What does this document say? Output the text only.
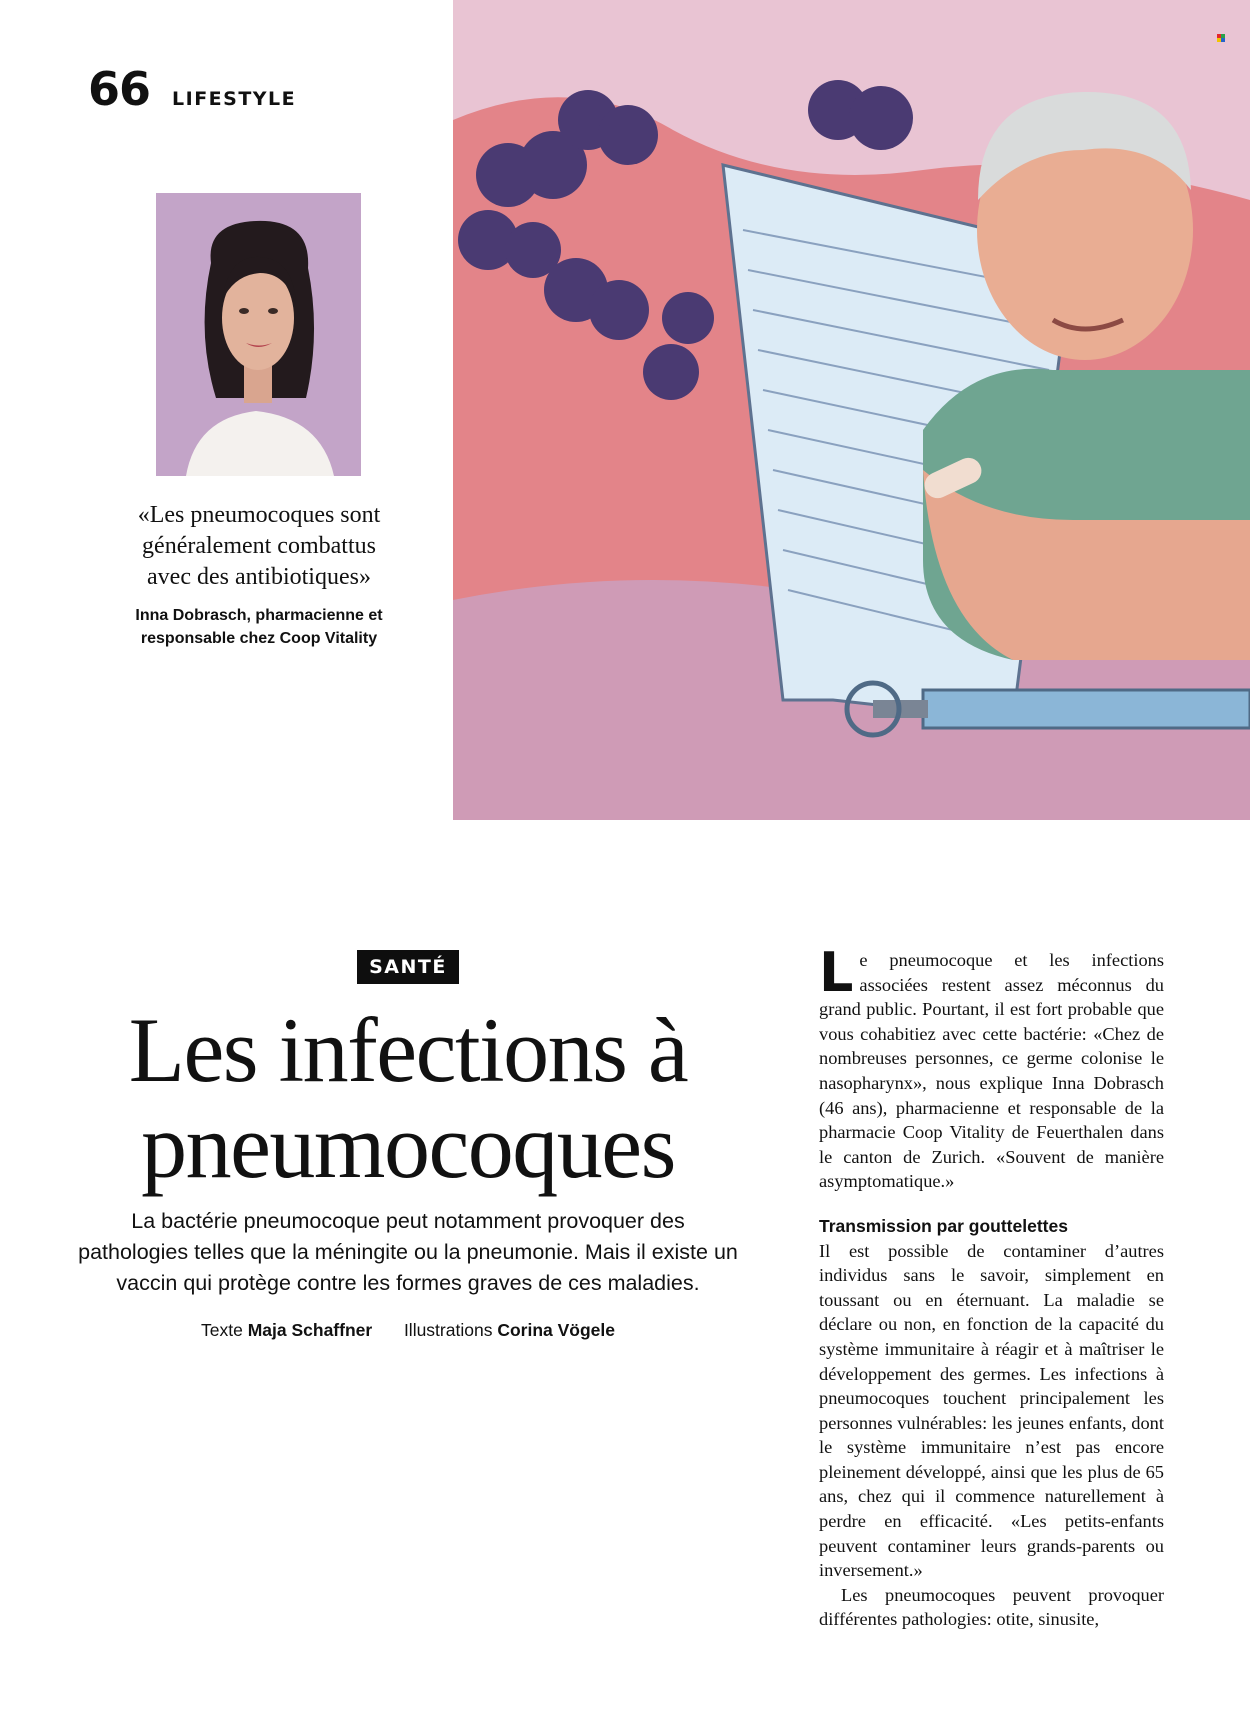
66 LIFESTYLE
«Les pneumocoques sont généralement combattus avec des antibiotiques»
Inna Dobrasch, pharmacienne et responsable chez Coop Vitality
SANTÉ
Les infections à pneumocoques

La bactérie pneumocoque peut notamment provoquer des pathologies telles que la méningite ou la pneumonie. Mais il existe un vaccin qui protège contre les formes graves de ces maladies.

Texte Maja Schaffner Illustrations Corina Vögele

Le pneumocoque et les infections associées restent assez méconnus du grand public. Pourtant, il est fort probable que vous cohabitiez avec cette bactérie: «Chez de nombreuses personnes, ce germe colonise le nasopharynx», nous explique Inna Dobrasch (46 ans), pharmacienne et responsable de la pharmacie Coop Vitality de Feuerthalen dans le canton de Zurich. «Souvent de manière asymptomatique.»

Transmission par gouttelettes

Il est possible de contaminer d’autres individus sans le savoir, simplement en toussant ou en éternuant. La maladie se déclare ou non, en fonction de la capacité du système immunitaire à réagir et à maîtriser le développement des germes. Les infections à pneumocoques touchent principalement les personnes vulnérables: les jeunes enfants, dont le système immunitaire n’est pas encore pleinement développé, ainsi que les plus de 65 ans, chez qui il commence naturellement à perdre en efficacité. «Les petits-enfants peuvent contaminer leurs grands-parents ou inversement.»

Les pneumocoques peuvent provoquer différentes pathologies: otite, sinusite,
